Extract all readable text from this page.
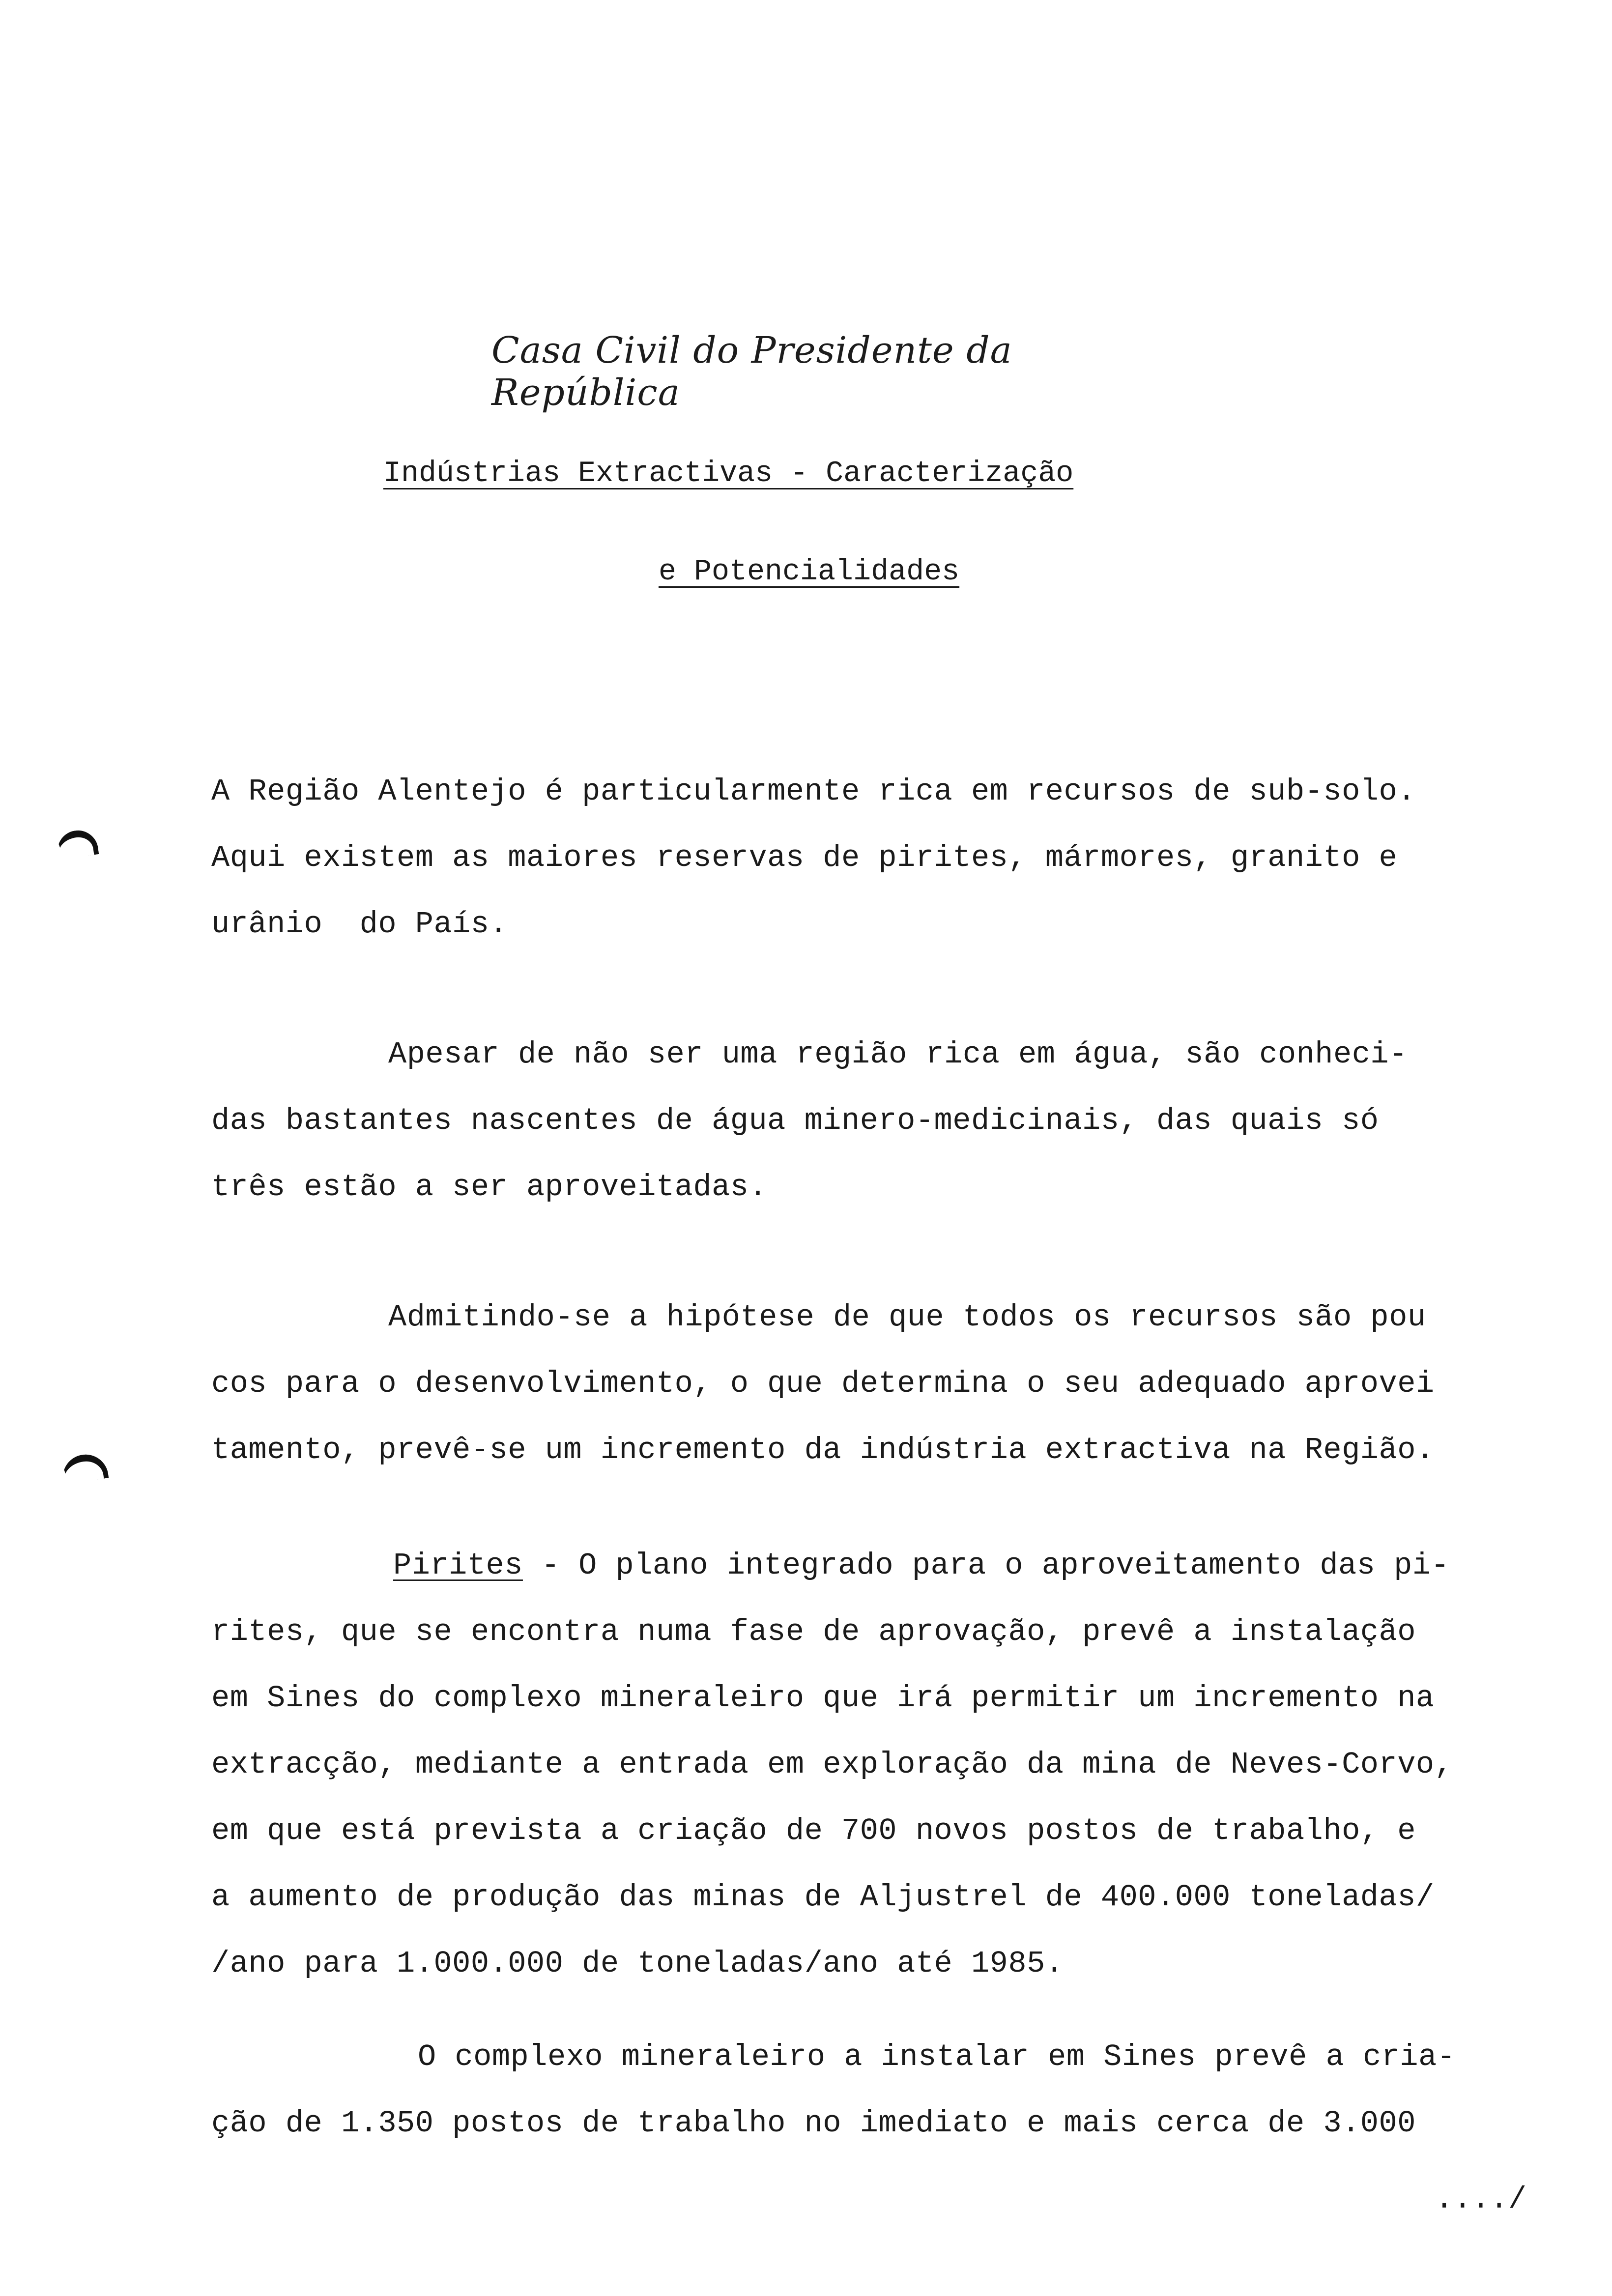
Casa Civil do Presidente da República
Indústrias Extractivas - Caracterização
e Potencialidades
A Região Alentejo é particularmente rica em recursos de sub-solo.
Aqui existem as maiores reservas de pirites, mármores, granito e
urânio  do País.
Apesar de não ser uma região rica em água, são conheci-
das bastantes nascentes de água minero-medicinais, das quais só
três estão a ser aproveitadas.
Admitindo-se a hipótese de que todos os recursos são pou
cos para o desenvolvimento, o que determina o seu adequado aprovei
tamento, prevê-se um incremento da indústria extractiva na Região.
Pirites - O plano integrado para o aproveitamento das pi-
rites, que se encontra numa fase de aprovação, prevê a instalação
em Sines do complexo mineraleiro que irá permitir um incremento na
extracção, mediante a entrada em exploração da mina de Neves-Corvo,
em que está prevista a criação de 700 novos postos de trabalho, e
a aumento de produção das minas de Aljustrel de 400.000 toneladas/
/ano para 1.000.000 de toneladas/ano até 1985.
O complexo mineraleiro a instalar em Sines prevê a cria-
ção de 1.350 postos de trabalho no imediato e mais cerca de 3.000
..../
